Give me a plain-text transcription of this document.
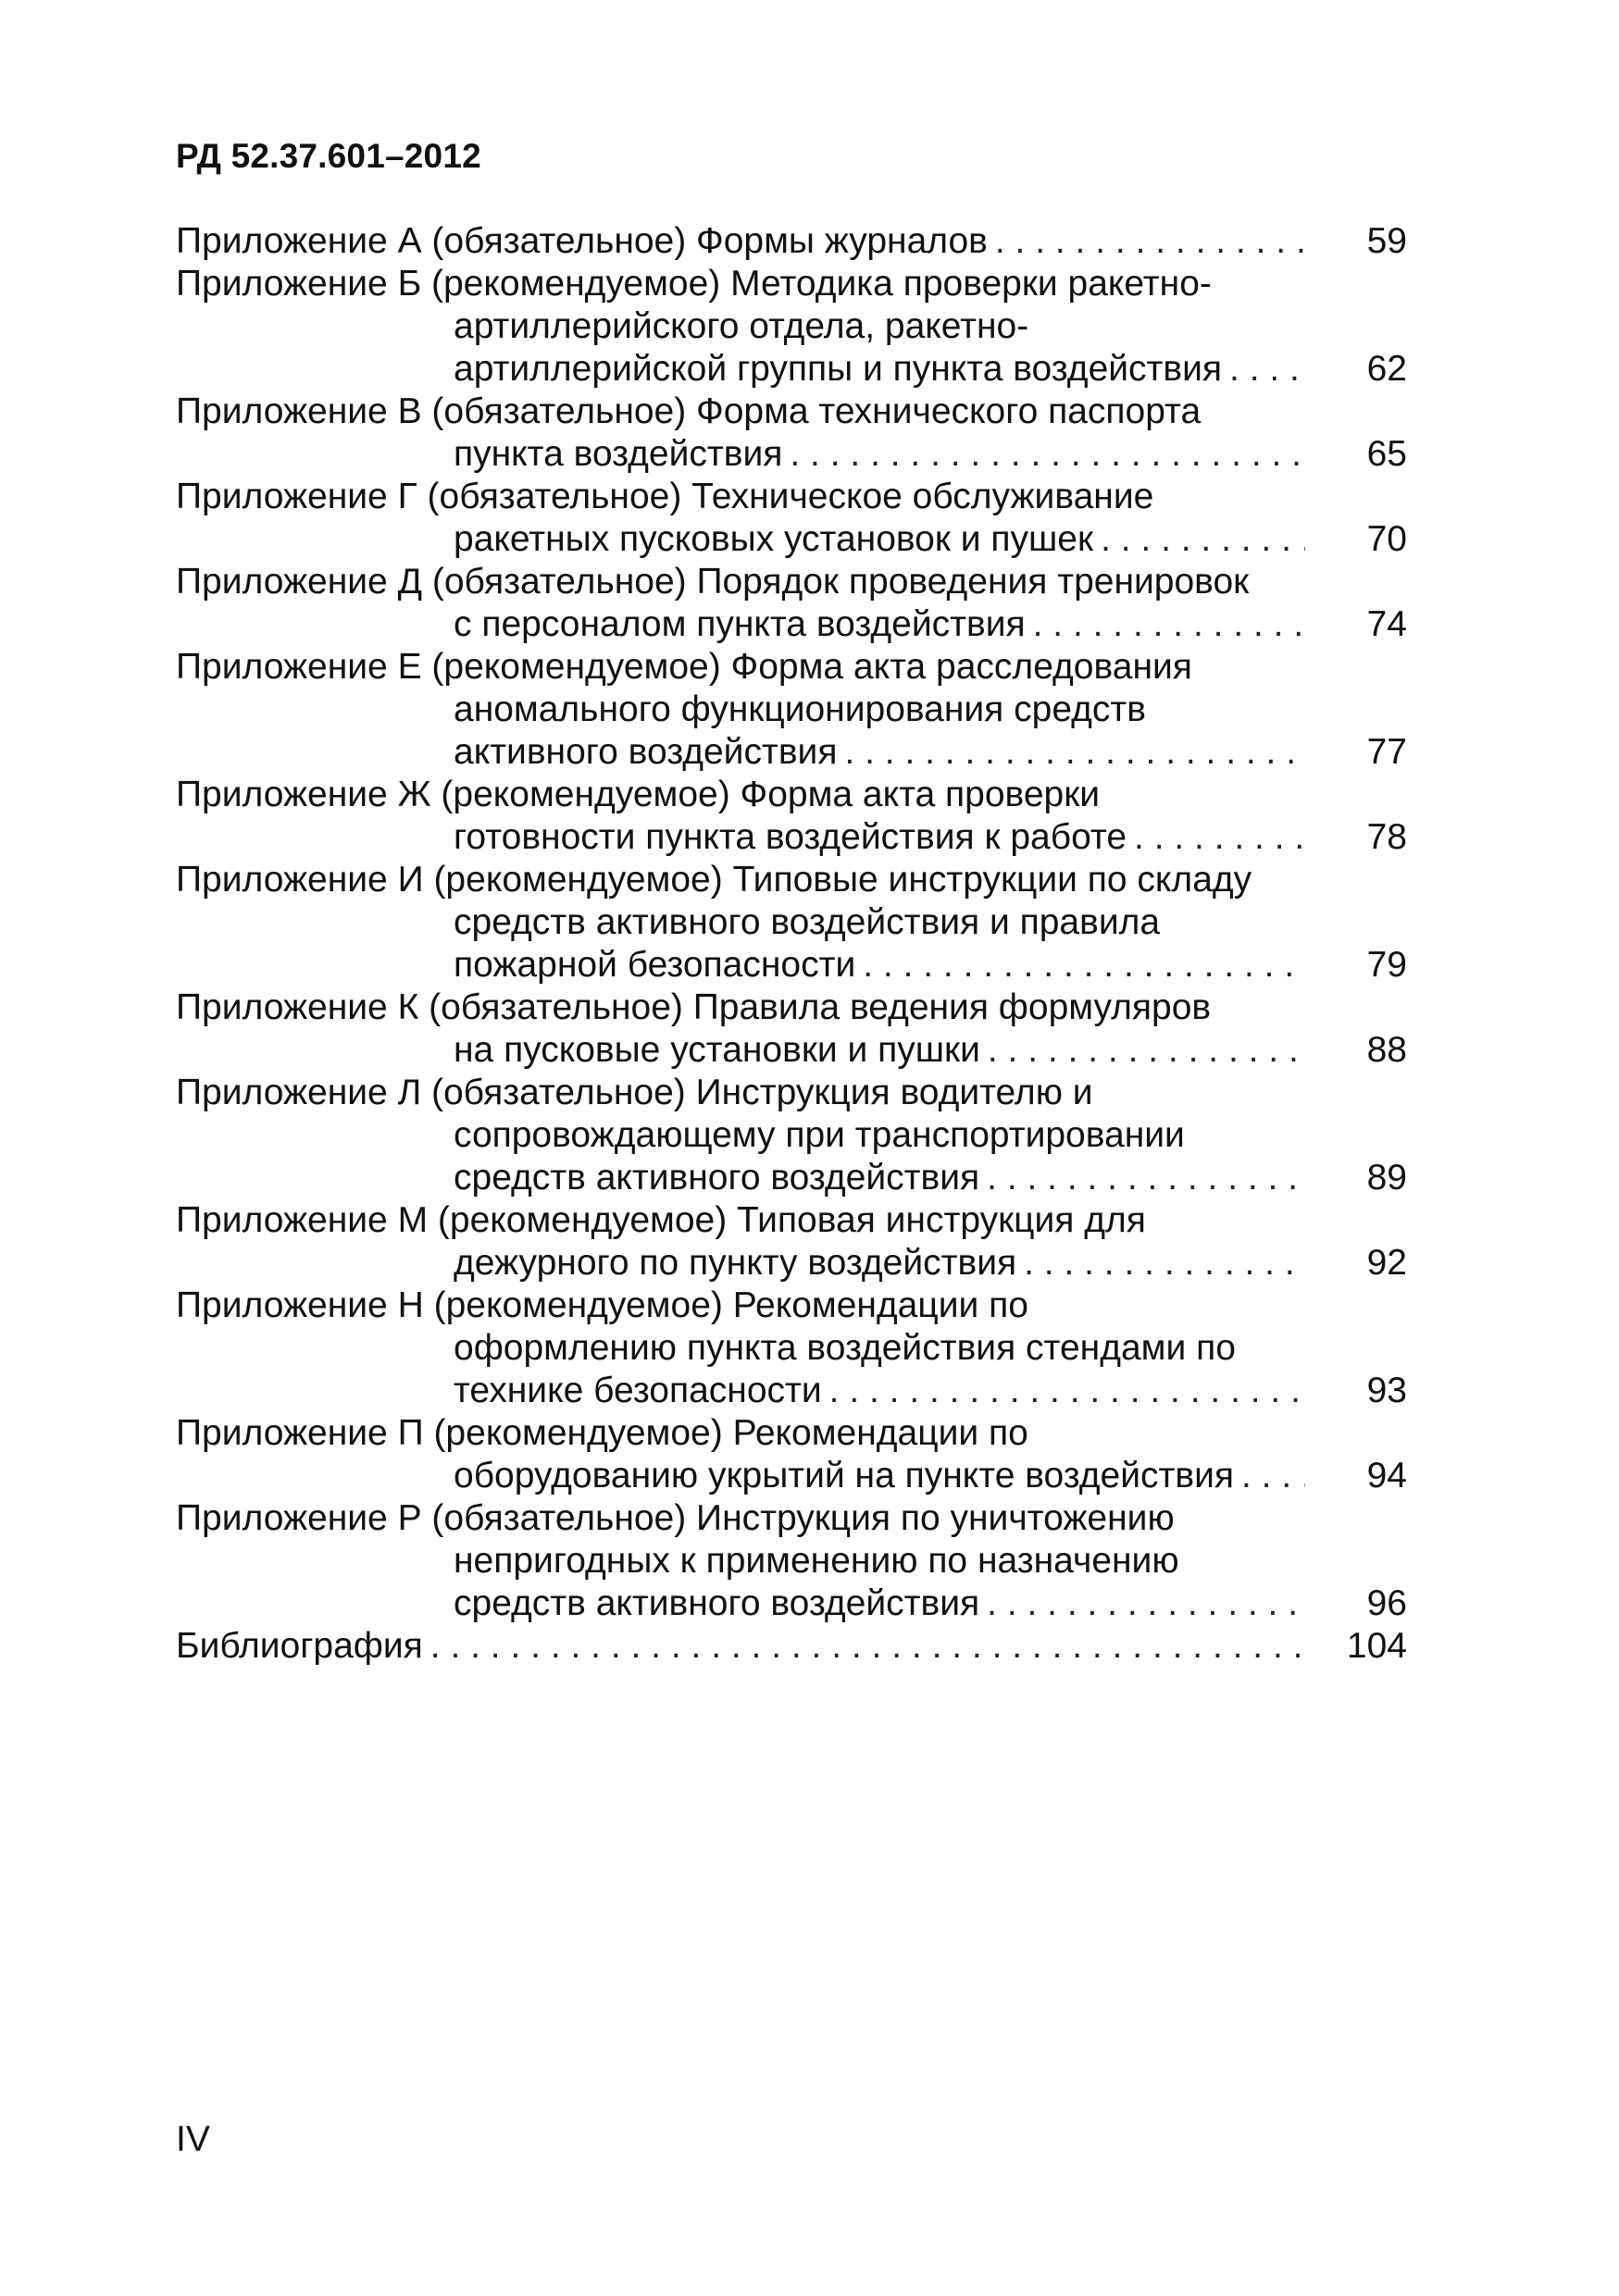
РД 52.37.601–2012
Приложение А (обязательное) Формы журналов . . .	59
Приложение Б (рекомендуемое) Методика проверки ракетно-
артиллерийского отдела, ракетно-
артиллерийской группы и пункта воздействия . . .	62
Приложение В (обязательное) Форма технического паспорта
пункта воздействия . . .	65
Приложение Г (обязательное) Техническое обслуживание
ракетных пусковых установок и пушек . . .	70
Приложение Д (обязательное) Порядок проведения тренировок
с персоналом пункта воздействия . . .	74
Приложение Е (рекомендуемое) Форма акта расследования
аномального функционирования средств
активного воздействия . . .	77
Приложение Ж (рекомендуемое) Форма акта проверки
готовности пункта воздействия к работе . . .	78
Приложение И (рекомендуемое) Типовые инструкции по складу
средств активного воздействия и правила
пожарной безопасности . . .	79
Приложение К (обязательное) Правила ведения формуляров
на пусковые установки и пушки . . .	88
Приложение Л (обязательное) Инструкция водителю и
сопровождающему при транспортировании
средств активного воздействия . . .	89
Приложение М (рекомендуемое) Типовая инструкция для
дежурного по пункту воздействия . . .	92
Приложение Н (рекомендуемое) Рекомендации по
оформлению пункта воздействия стендами по
технике безопасности . . .	93
Приложение П (рекомендуемое) Рекомендации по
оборудованию укрытий на пункте воздействия . . .	94
Приложение Р (обязательное) Инструкция по уничтожению
непригодных к применению по назначению
средств активного воздействия . . .	96
Библиография . . .	104
IV
